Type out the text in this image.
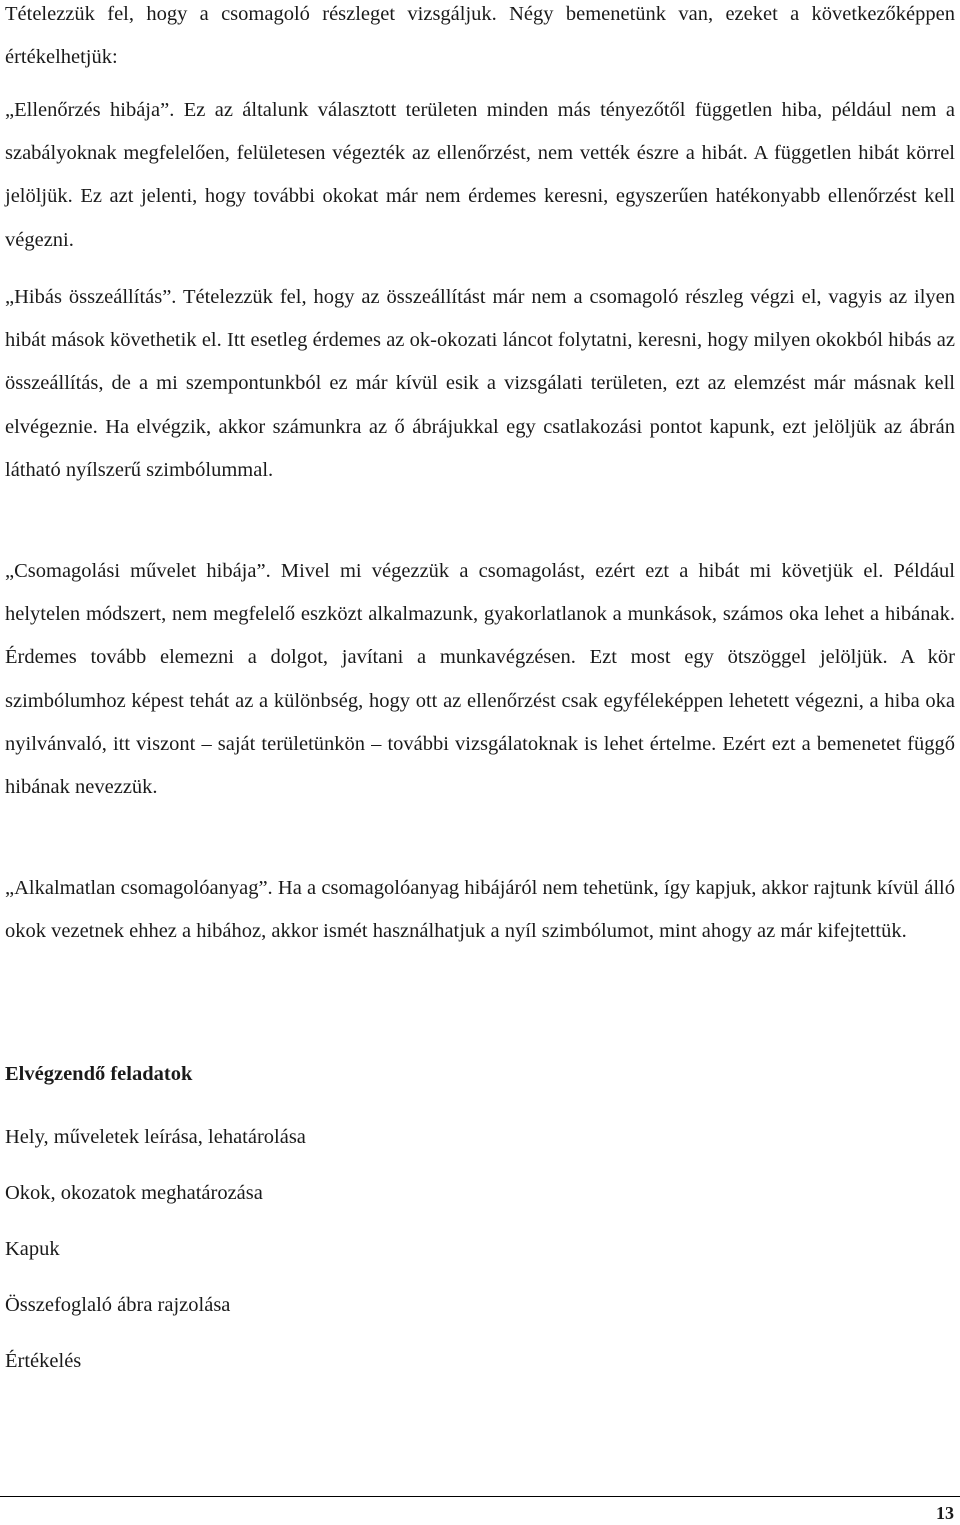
Tételezzük fel, hogy a csomagoló részleget vizsgáljuk. Négy bemenetünk van, ezeket a következőképpen értékelhetjük:

„Ellenőrzés hibája”. Ez az általunk választott területen minden más tényezőtől független hiba, például nem a szabályoknak megfelelően, felületesen végezték az ellenőrzést, nem vették észre a hibát. A független hibát körrel jelöljük. Ez azt jelenti, hogy további okokat már nem érdemes keresni, egyszerűen hatékonyabb ellenőrzést kell végezni.

„Hibás összeállítás”. Tételezzük fel, hogy az összeállítást már nem a csomagoló részleg végzi el, vagyis az ilyen hibát mások követhetik el. Itt esetleg érdemes az ok-okozati láncot folytatni, keresni, hogy milyen okokból hibás az összeállítás, de a mi szempontunkból ez már kívül esik a vizsgálati területen, ezt az elemzést már másnak kell elvégeznie. Ha elvégzik, akkor számunkra az ő ábrájukkal egy csatlakozási pontot kapunk, ezt jelöljük az ábrán látható nyílszerű szimbólummal.

„Csomagolási művelet hibája”. Mivel mi végezzük a csomagolást, ezért ezt a hibát mi követjük el. Például helytelen módszert, nem megfelelő eszközt alkalmazunk, gyakorlatlanok a munkások, számos oka lehet a hibának. Érdemes tovább elemezni a dolgot, javítani a munkavégzésen. Ezt most egy ötszöggel jelöljük. A kör szimbólumhoz képest tehát az a különbség, hogy ott az ellenőrzést csak egyféleképpen lehetett végezni, a hiba oka nyilvánvaló, itt viszont – saját területünkön – további vizsgálatoknak is lehet értelme. Ezért ezt a bemenetet függő hibának nevezzük.

„Alkalmatlan csomagolóanyag”. Ha a csomagolóanyag hibájáról nem tehetünk, így kapjuk, akkor rajtunk kívül álló okok vezetnek ehhez a hibához, akkor ismét használhatjuk a nyíl szimbólumot, mint ahogy az már kifejtettük.

Elvégzendő feladatok
Hely, műveletek leírása, lehatárolása
Okok, okozatok meghatározása
Kapuk
Összefoglaló ábra rajzolása
Értékelés
13
